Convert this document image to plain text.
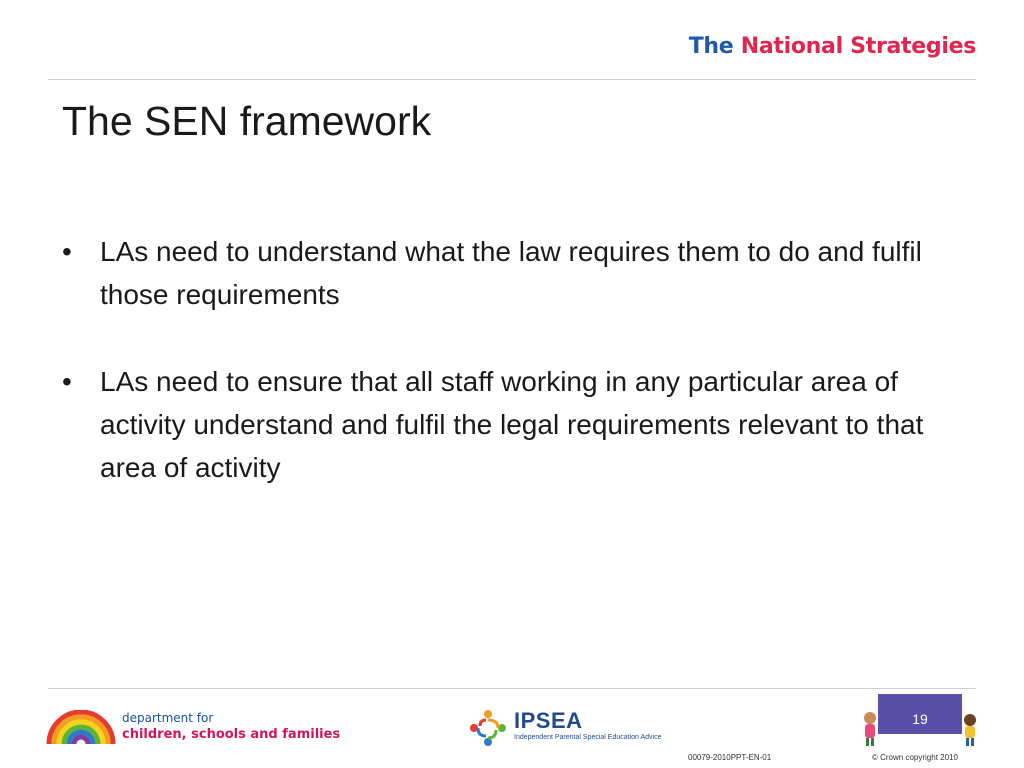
The National Strategies
The SEN framework
• LAs need to understand what the law requires them to do and fulfil those requirements
• LAs need to ensure that all staff working in any particular area of activity understand and fulfil the legal requirements relevant to that area of activity
department for
children, schools and families
IPSEA
Independent Parental Special Education Advice
19
00079-2010PPT-EN-01	© Crown copyright 2010
